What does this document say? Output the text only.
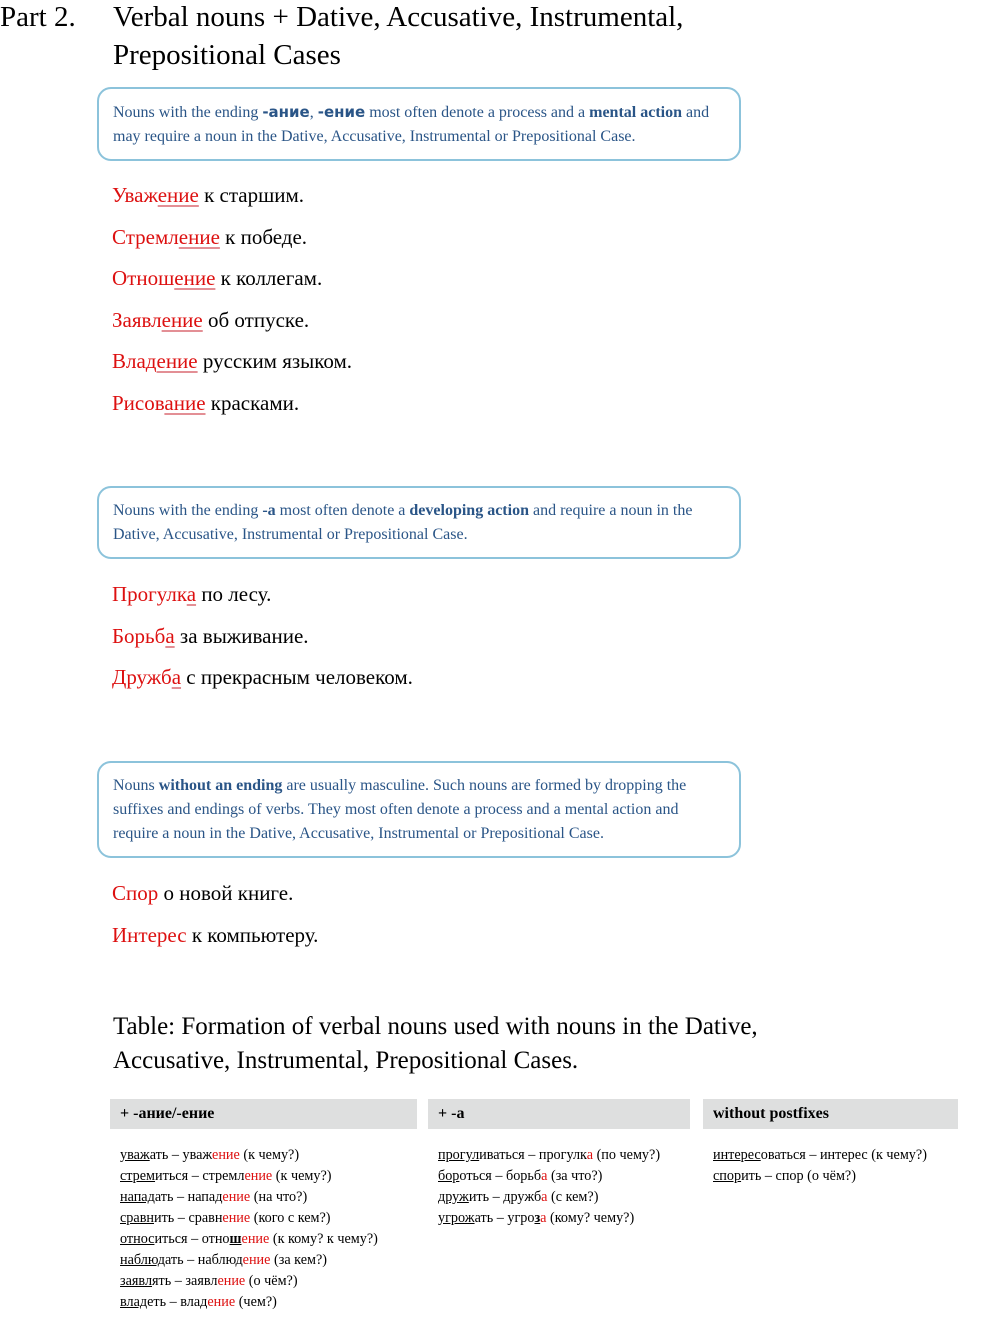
Part 2. Verbal nouns + Dative, Accusative, Instrumental, Prepositional Cases
Nouns with the ending -ание, -ение most often denote a process and a mental action and may require a noun in the Dative, Accusative, Instrumental or Prepositional Case.
Уважение к старшим.
Стремление к победе.
Отношение к коллегам.
Заявление об отпуске.
Владение русским языком.
Рисование красками.
Nouns with the ending -a most often denote a developing action and require a noun in the Dative, Accusative, Instrumental or Prepositional Case.
Прогулка по лесу.
Борьба за выживание.
Дружба с прекрасным человеком.
Nouns without an ending are usually masculine. Such nouns are formed by dropping the suffixes and endings of verbs. They most often denote a process and a mental action and require a noun in the Dative, Accusative, Instrumental or Prepositional Case.
Спор о новой книге.
Интерес к компьютеру.
Table: Formation of verbal nouns used with nouns in the Dative, Accusative, Instrumental, Prepositional Cases.
+ -ание/-ение
уважать – уважение (к чему?)
стремиться – стремление (к чему?)
нападать – нападение (на что?)
сравнить – сравнение (кого с кем?)
относиться – отношение (к кому? к чему?)
наблюдать – наблюдение (за кем?)
заявлять – заявление (о чём?)
владеть – владение (чем?)
+ -а
прогуливаться – прогулка (по чему?)
бороться – борьба (за что?)
дружить – дружба (с кем?)
угрожать – угроза (кому? чему?)
without postfixes
интересоваться – интерес (к чему?)
спорить – спор (о чём?)
